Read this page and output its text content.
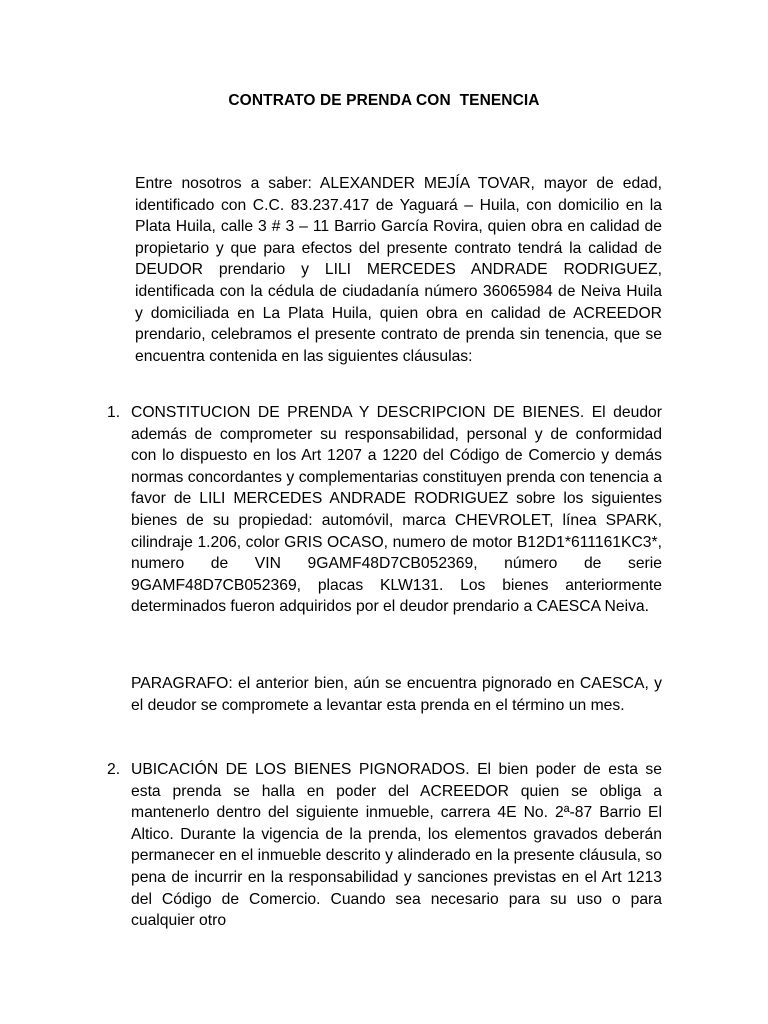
CONTRATO DE PRENDA CON  TENENCIA
Entre nosotros a saber: ALEXANDER MEJÍA TOVAR, mayor de edad, identificado con C.C. 83.237.417 de Yaguará – Huila, con domicilio en la Plata Huila, calle 3 # 3 – 11 Barrio García Rovira, quien obra en calidad de propietario y que para efectos del presente contrato tendrá la calidad de DEUDOR prendario y LILI MERCEDES ANDRADE RODRIGUEZ, identificada con la cédula de ciudadanía número 36065984 de Neiva Huila y domiciliada en La Plata Huila, quien obra en calidad de ACREEDOR prendario, celebramos el presente contrato de prenda sin tenencia, que se encuentra contenida en las siguientes cláusulas:
1. CONSTITUCION DE PRENDA Y DESCRIPCION DE BIENES. El deudor además de comprometer su responsabilidad, personal y de conformidad con lo dispuesto en los Art 1207 a 1220 del Código de Comercio y demás normas concordantes y complementarias constituyen prenda con tenencia a favor de LILI MERCEDES ANDRADE RODRIGUEZ sobre los siguientes bienes de su propiedad: automóvil, marca CHEVROLET, línea SPARK, cilindraje 1.206, color GRIS OCASO, numero de motor B12D1*611161KC3*, numero de VIN 9GAMF48D7CB052369, número de serie 9GAMF48D7CB052369, placas KLW131. Los bienes anteriormente determinados fueron adquiridos por el deudor prendario a CAESCA Neiva.
PARAGRAFO: el anterior bien, aún se encuentra pignorado en CAESCA, y el deudor se compromete a levantar esta prenda en el término un mes.
2. UBICACIÓN DE LOS BIENES PIGNORADOS. El bien poder de esta se esta prenda se halla en poder del ACREEDOR quien se obliga a mantenerlo dentro del siguiente inmueble, carrera 4E No. 2ª-87 Barrio El Altico. Durante la vigencia de la prenda, los elementos gravados deberán permanecer en el inmueble descrito y alinderado en la presente cláusula, so pena de incurrir en la responsabilidad y sanciones previstas en el Art 1213 del Código de Comercio. Cuando sea necesario para su uso o para cualquier otro
